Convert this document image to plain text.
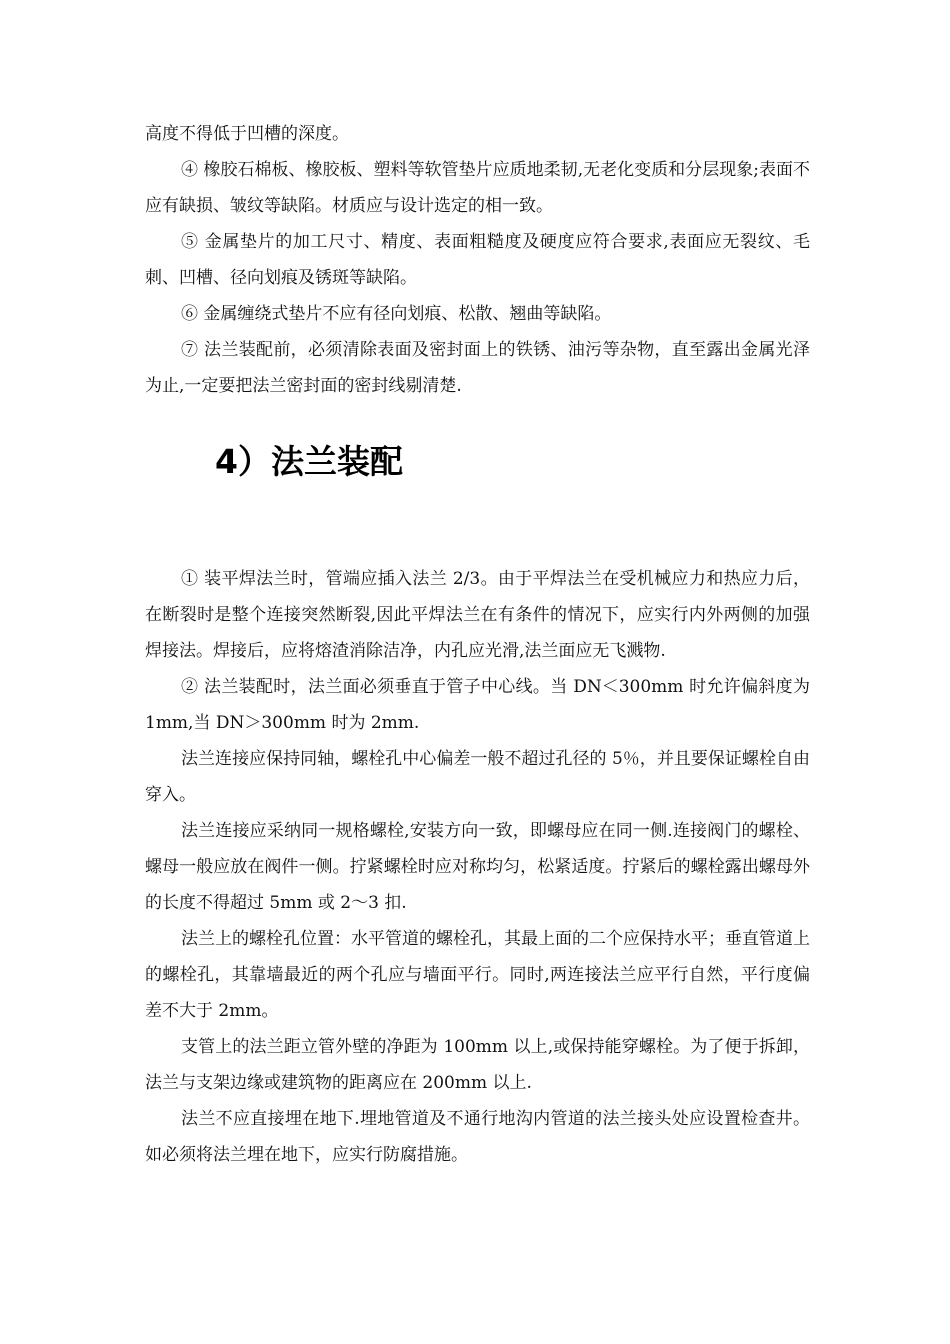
高度不得低于凹槽的深度。

④ 橡胶石棉板、橡胶板、塑料等软管垫片应质地柔韧,无老化变质和分层现象;表面不应有缺损、皱纹等缺陷。材质应与设计选定的相一致。

⑤ 金属垫片的加工尺寸、精度、表面粗糙度及硬度应符合要求,表面应无裂纹、毛刺、凹槽、径向划痕及锈斑等缺陷。

⑥ 金属缠绕式垫片不应有径向划痕、松散、翘曲等缺陷。

⑦ 法兰装配前，必须清除表面及密封面上的铁锈、油污等杂物，直至露出金属光泽为止,一定要把法兰密封面的密封线剔清楚.

4）法兰装配

① 装平焊法兰时，管端应插入法兰 2/3。由于平焊法兰在受机械应力和热应力后，在断裂时是整个连接突然断裂,因此平焊法兰在有条件的情况下，应实行内外两侧的加强焊接法。焊接后，应将熔渣消除洁净，内孔应光滑,法兰面应无飞溅物.

② 法兰装配时，法兰面必须垂直于管子中心线。当 DN＜300mm 时允许偏斜度为 1mm,当 DN＞300mm 时为 2mm.

法兰连接应保持同轴，螺栓孔中心偏差一般不超过孔径的 5％，并且要保证螺栓自由穿入。

法兰连接应采纳同一规格螺栓,安装方向一致，即螺母应在同一侧.连接阀门的螺栓、螺母一般应放在阀件一侧。拧紧螺栓时应对称均匀，松紧适度。拧紧后的螺栓露出螺母外的长度不得超过 5mm 或 2～3 扣.

法兰上的螺栓孔位置：水平管道的螺栓孔，其最上面的二个应保持水平；垂直管道上的螺栓孔，其靠墙最近的两个孔应与墙面平行。同时,两连接法兰应平行自然，平行度偏差不大于 2mm。

支管上的法兰距立管外壁的净距为 100mm 以上,或保持能穿螺栓。为了便于拆卸，法兰与支架边缘或建筑物的距离应在 200mm 以上.

法兰不应直接埋在地下.埋地管道及不通行地沟内管道的法兰接头处应设置检查井。如必须将法兰埋在地下，应实行防腐措施。
